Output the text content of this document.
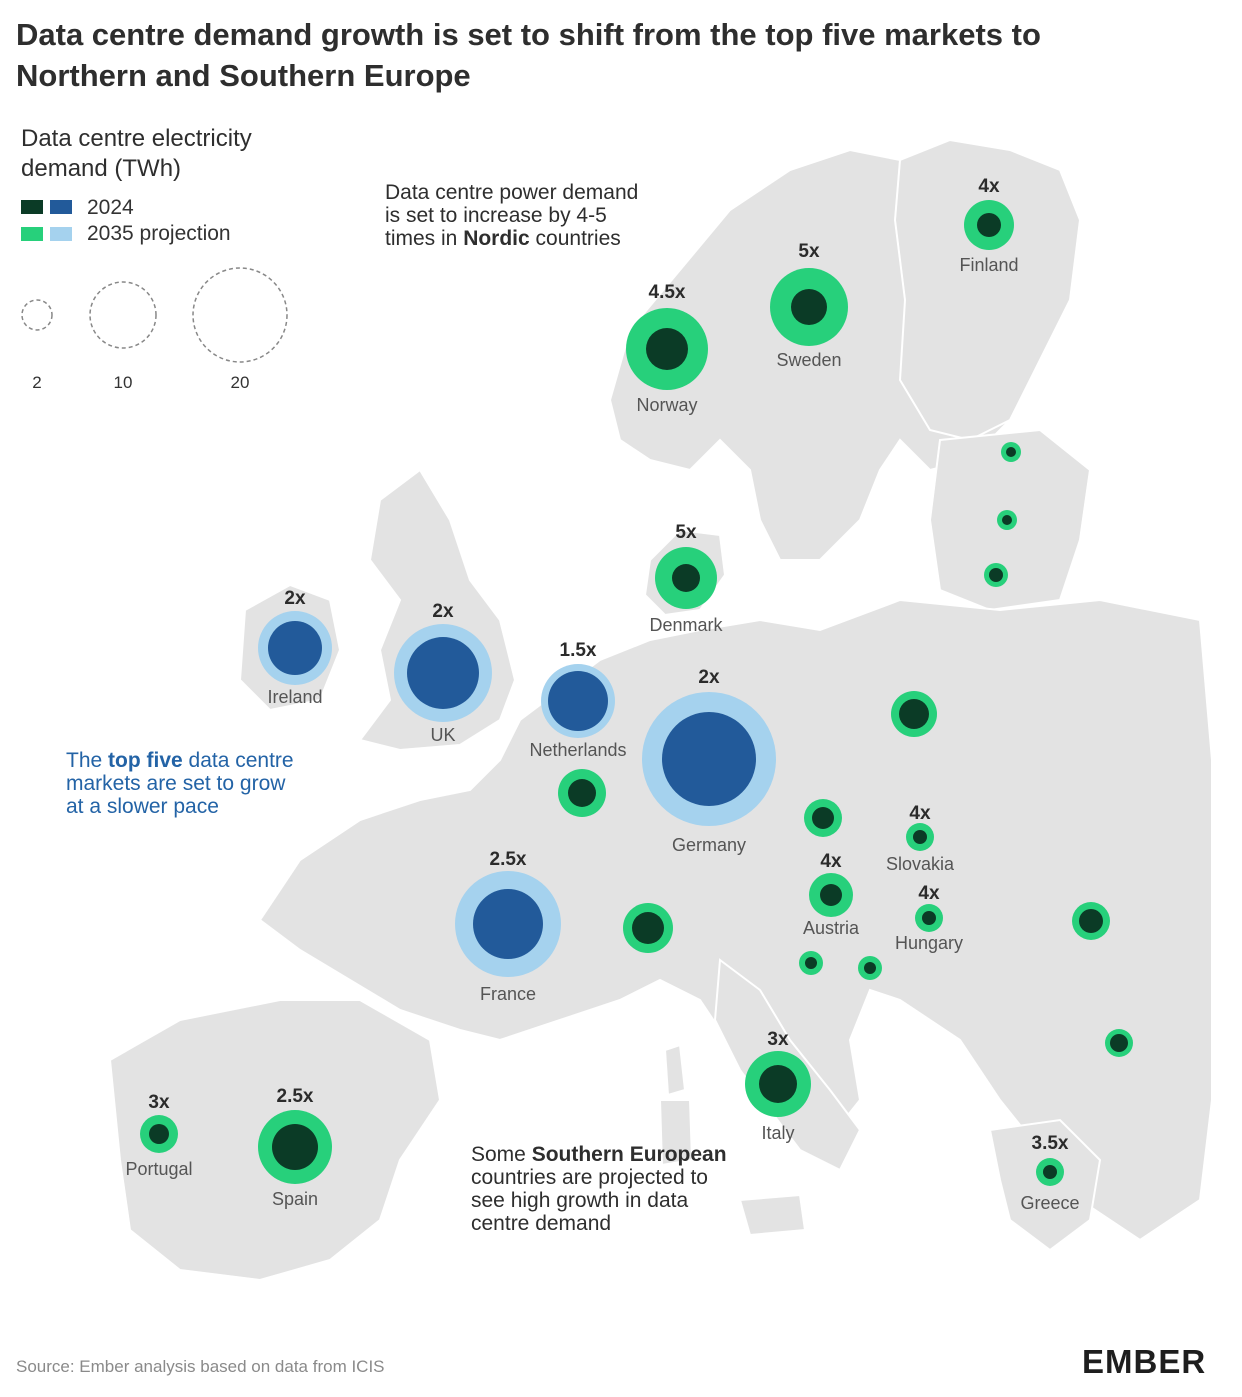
Data centre demand growth is set to shift from the top five markets to Northern and Southern Europe
4x
Finland
5x
Sweden
4.5x
Norway
5x
Denmark
2x
Ireland
2x
UK
1.5x
Netherlands
2x
Germany
2.5x
France
4x
Slovakia
4x
Austria
4x
Hungary
3x
Italy
3x
Portugal
2.5x
Spain
3.5x
Greece
Data centre electricity demand (TWh)
2024
2035 projection
2	10	20
Data centre power demand
is set to increase by 4-5
times in Nordic countries
The top five data centre
markets are set to grow
at a slower pace
Some Southern European
countries are projected to
see high growth in data
centre demand
Source: Ember analysis based on data from ICIS	EMBER
